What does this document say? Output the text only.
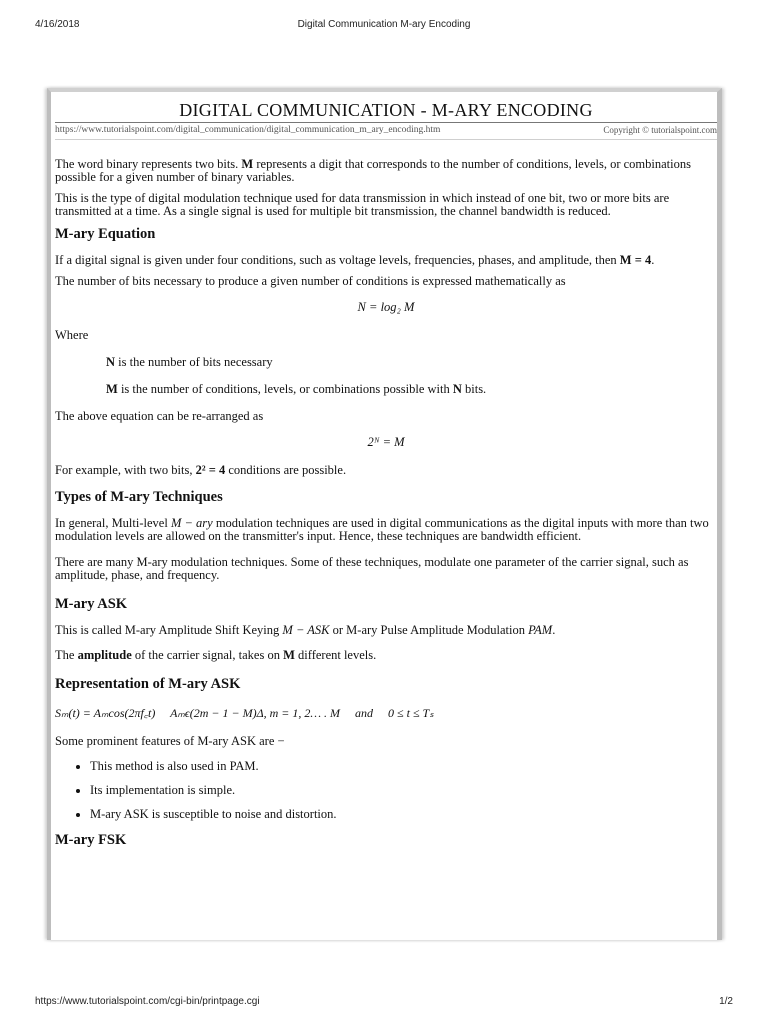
4/16/2018	Digital Communication M-ary Encoding
DIGITAL COMMUNICATION - M-ARY ENCODING
https://www.tutorialspoint.com/digital_communication/digital_communication_m_ary_encoding.htm	Copyright © tutorialspoint.com

The word binary represents two bits. M represents a digit that corresponds to the number of conditions, levels, or combinations possible for a given number of binary variables.

This is the type of digital modulation technique used for data transmission in which instead of one bit, two or more bits are transmitted at a time. As a single signal is used for multiple bit transmission, the channel bandwidth is reduced.

M-ary Equation

If a digital signal is given under four conditions, such as voltage levels, frequencies, phases, and amplitude, then M = 4.

The number of bits necessary to produce a given number of conditions is expressed mathematically as

N = log₂ M

Where

N is the number of bits necessary

M is the number of conditions, levels, or combinations possible with N bits.

The above equation can be re-arranged as

2ᴺ = M

For example, with two bits, 2² = 4 conditions are possible.

Types of M-ary Techniques

In general, Multi-level M − ary modulation techniques are used in digital communications as the digital inputs with more than two modulation levels are allowed on the transmitter's input. Hence, these techniques are bandwidth efficient.

There are many M-ary modulation techniques. Some of these techniques, modulate one parameter of the carrier signal, such as amplitude, phase, and frequency.

M-ary ASK

This is called M-ary Amplitude Shift Keying M − ASK or M-ary Pulse Amplitude Modulation PAM.

The amplitude of the carrier signal, takes on M different levels.

Representation of M-ary ASK
Sₘ(t) = Aₘcos(2πf꜀t)     Aₘϵ(2m − 1 − M)Δ, m = 1, 2… . M     and     0 ≤ t ≤ Tₛ

Some prominent features of M-ary ASK are −

• This method is also used in PAM.
• Its implementation is simple.
• M-ary ASK is susceptible to noise and distortion.
M-ary FSK
https://www.tutorialspoint.com/cgi-bin/printpage.cgi	1/2
